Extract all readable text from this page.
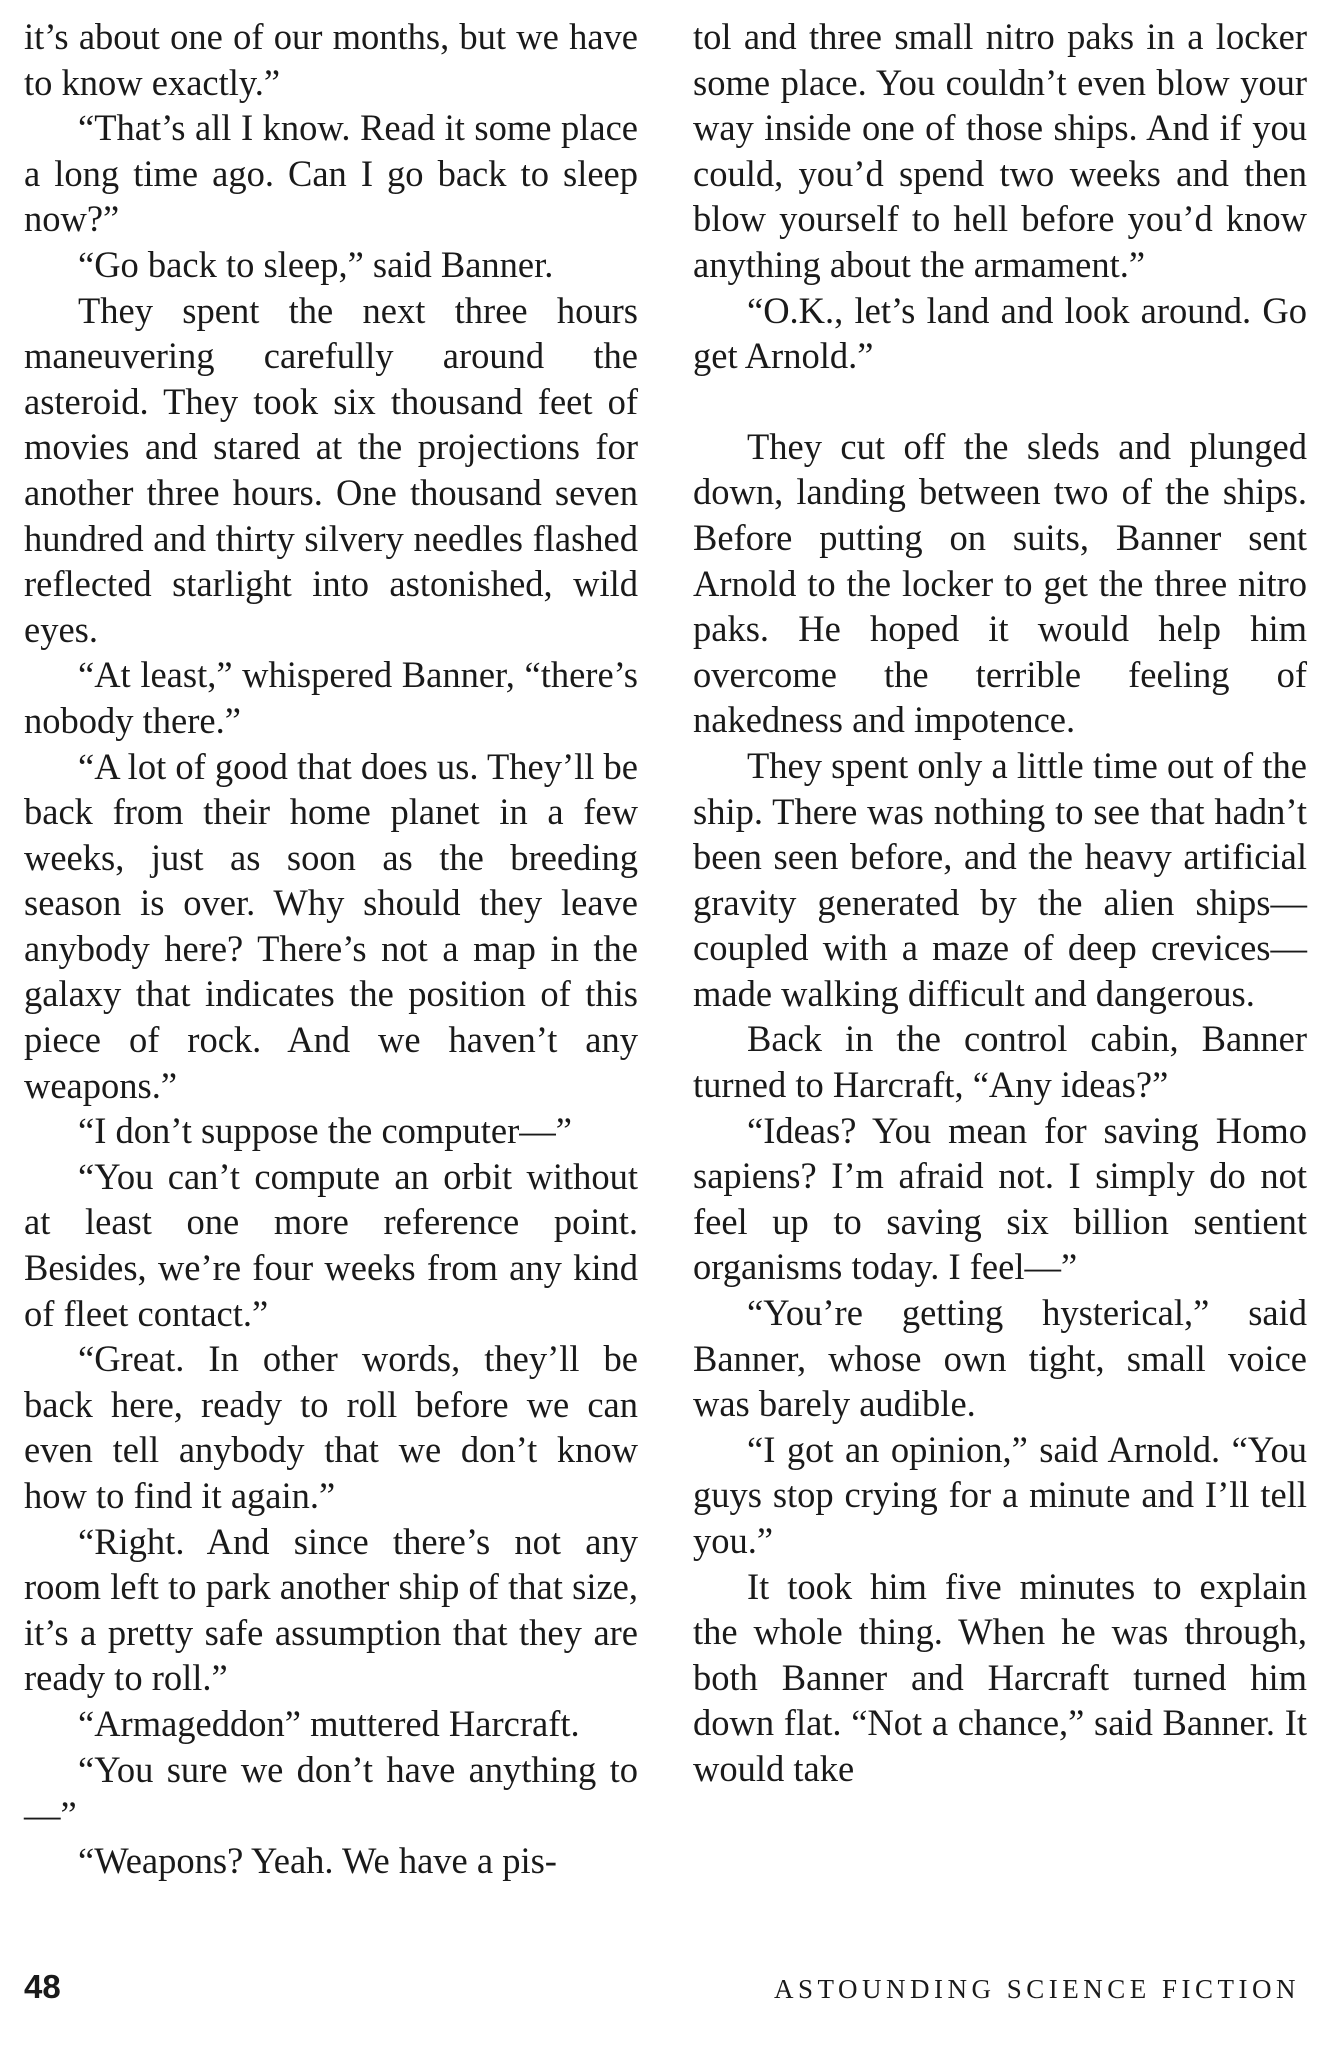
it’s about one of our months, but we have to know exactly.”

“That’s all I know. Read it some place a long time ago. Can I go back to sleep now?”

“Go back to sleep,” said Banner.

They spent the next three hours maneuvering carefully around the asteroid. They took six thousand feet of movies and stared at the projections for another three hours. One thousand seven hundred and thirty silvery needles flashed reflected starlight into astonished, wild eyes.

“At least,” whispered Banner, “there’s nobody there.”

“A lot of good that does us. They’ll be back from their home planet in a few weeks, just as soon as the breeding season is over. Why should they leave anybody here? There’s not a map in the galaxy that indicates the position of this piece of rock. And we haven’t any weapons.”

“I don’t suppose the computer—”

“You can’t compute an orbit without at least one more reference point. Besides, we’re four weeks from any kind of fleet contact.”

“Great. In other words, they’ll be back here, ready to roll before we can even tell anybody that we don’t know how to find it again.”

“Right. And since there’s not any room left to park another ship of that size, it’s a pretty safe assumption that they are ready to roll.”

“Armageddon” muttered Harcraft.

“You sure we don’t have anything to—”

“Weapons? Yeah. We have a pis-

tol and three small nitro paks in a locker some place. You couldn’t even blow your way inside one of those ships. And if you could, you’d spend two weeks and then blow yourself to hell before you’d know anything about the armament.”

“O.K., let’s land and look around. Go get Arnold.”

They cut off the sleds and plunged down, landing between two of the ships. Before putting on suits, Banner sent Arnold to the locker to get the three nitro paks. He hoped it would help him overcome the terrible feeling of nakedness and impotence.

They spent only a little time out of the ship. There was nothing to see that hadn’t been seen before, and the heavy artificial gravity generated by the alien ships—coupled with a maze of deep crevices—made walking difficult and dangerous.

Back in the control cabin, Banner turned to Harcraft, “Any ideas?”

“Ideas? You mean for saving Homo sapiens? I’m afraid not. I simply do not feel up to saving six billion sentient organisms today. I feel—”

“You’re getting hysterical,” said Banner, whose own tight, small voice was barely audible.

“I got an opinion,” said Arnold. “You guys stop crying for a minute and I’ll tell you.”

It took him five minutes to explain the whole thing. When he was through, both Banner and Harcraft turned him down flat. “Not a chance,” said Banner. It would take

48	ASTOUNDING SCIENCE FICTION
